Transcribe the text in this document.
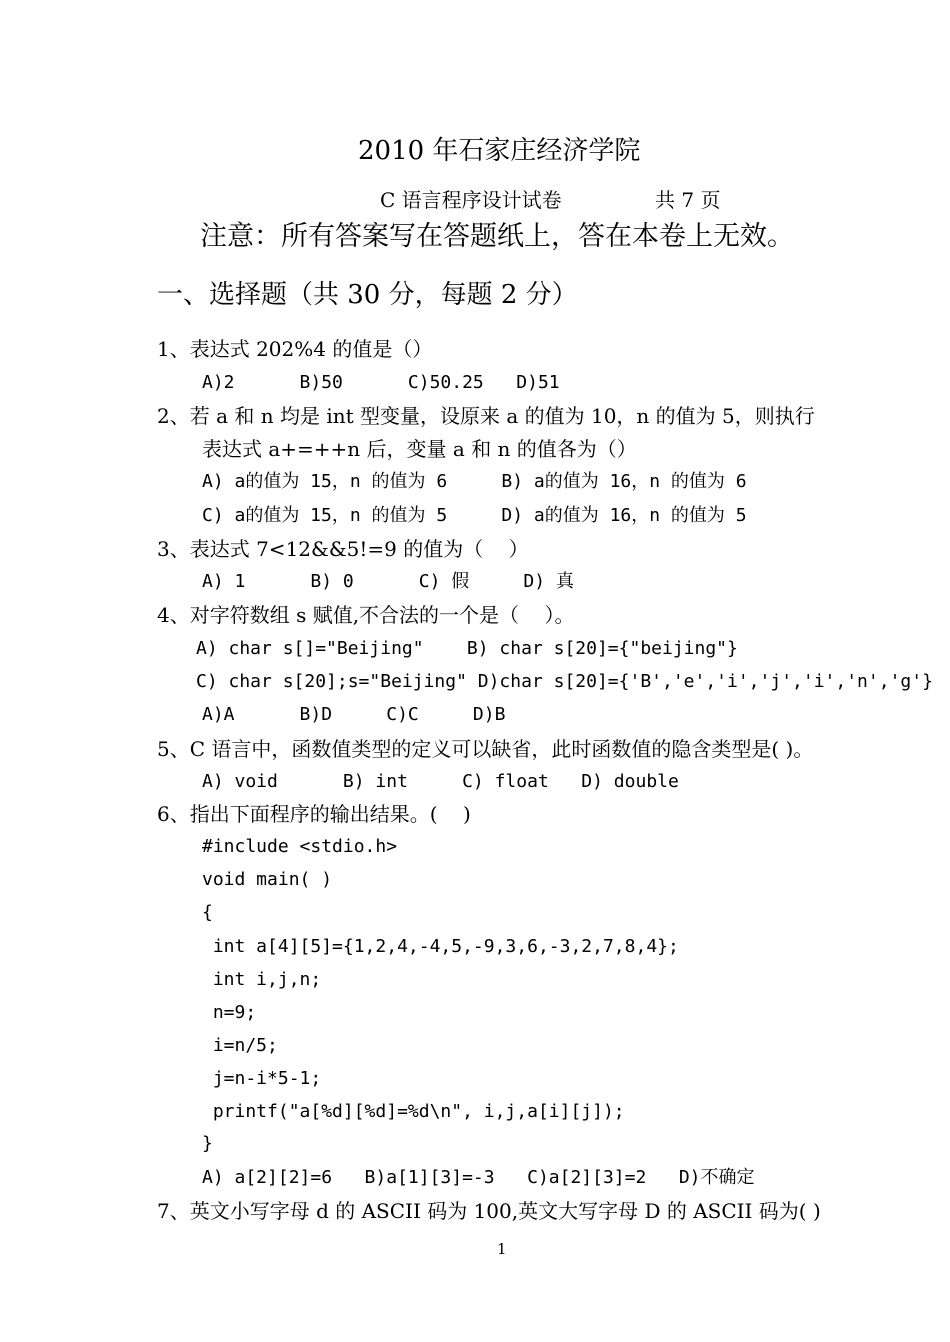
2010 年石家庄经济学院
C 语言程序设计试卷	共 7 页
注意：所有答案写在答题纸上，答在本卷上无效。
一、选择题（共 30 分，每题 2 分）
1、表达式 202%4 的值是（）
A)2      B)50      C)50.25   D)51
2、若 a 和 n 均是 int 型变量，设原来 a 的值为 10，n 的值为 5，则执行
表达式 a+=++n 后，变量 a 和 n 的值各为（）
A) a的值为 15，n 的值为 6     B) a的值为 16，n 的值为 6
C) a的值为 15，n 的值为 5     D) a的值为 16，n 的值为 5
3、表达式 7<12&&5!=9 的值为（    ）
A) 1      B) 0      C) 假     D) 真
4、对字符数组 s 赋值,不合法的一个是（    ）。
A) char s[]="Beijing"    B) char s[20]={"beijing"}
C) char s[20];s="Beijing" D)char s[20]={'B','e','i','j','i','n','g'}
A)A      B)D     C)C     D)B
5、C 语言中，函数值类型的定义可以缺省，此时函数值的隐含类型是( )。
A) void      B) int     C) float   D) double
6、指出下面程序的输出结果。(    )
#include <stdio.h>
void main( )
{
int a[4][5]={1,2,4,-4,5,-9,3,6,-3,2,7,8,4};
int i,j,n;
n=9;
i=n/5;
j=n-i*5-1;
printf("a[%d][%d]=%d\n", i,j,a[i][j]);
}
A) a[2][2]=6   B)a[1][3]=-3   C)a[2][3]=2   D)不确定
7、英文小写字母 d 的 ASCII 码为 100,英文大写字母 D 的 ASCII 码为( )
1
